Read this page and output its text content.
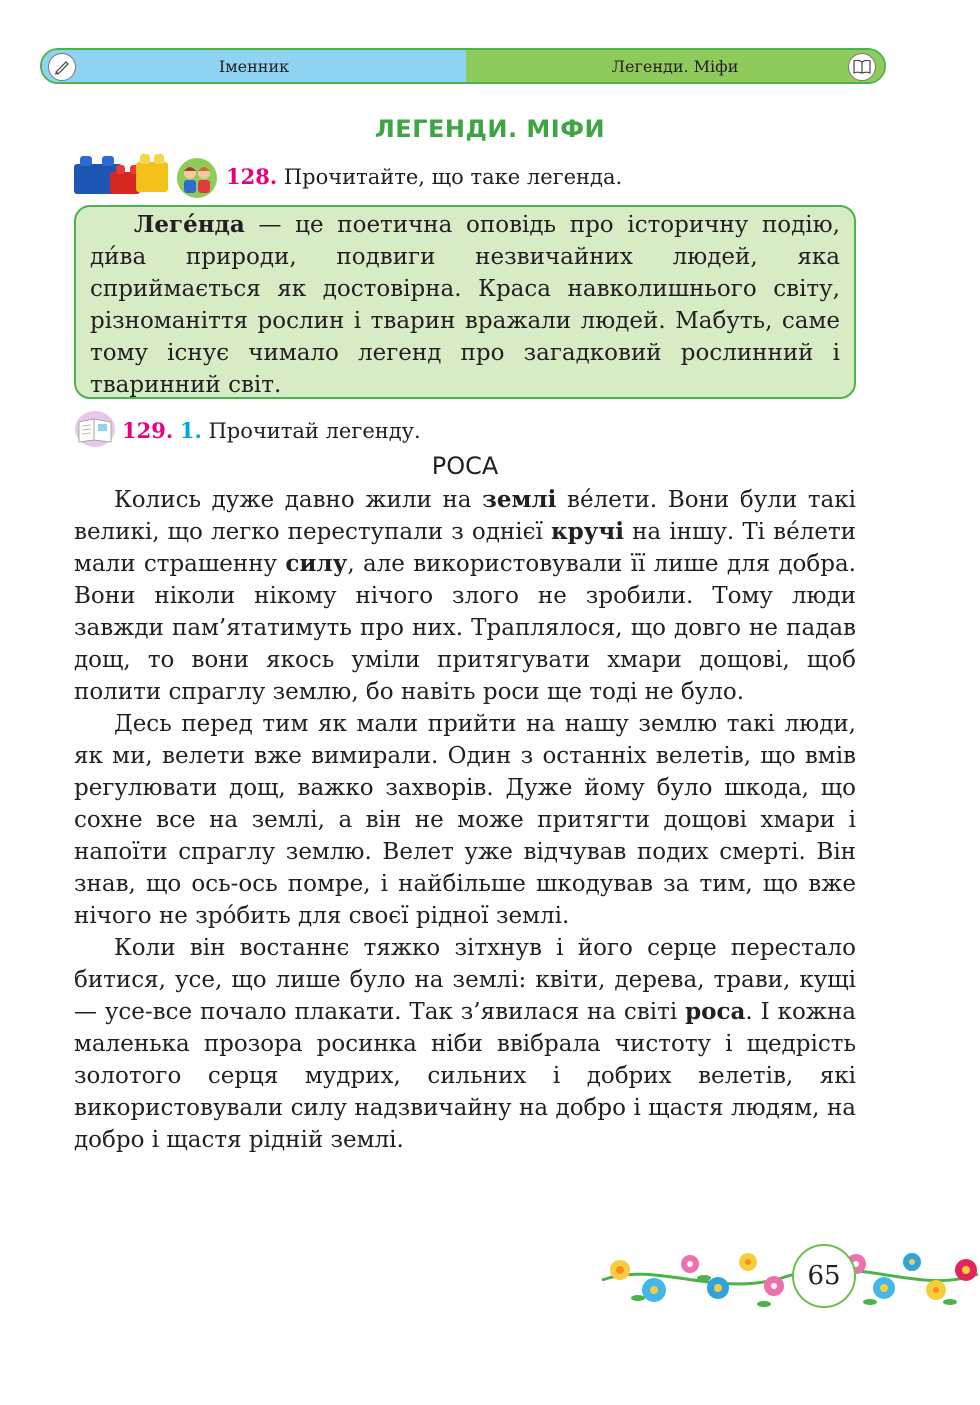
Іменник	Легенди. Міфи
ЛЕГЕНДИ. МІФИ
128. Прочитайте, що таке легенда.

Леге́нда — це поетична оповідь про історичну подію, ди́ва природи, подвиги незвичайних людей, яка сприймається як достовірна. Краса навколишнього світу, різноманіття рослин і тварин вражали людей. Мабуть, саме тому існує чимало легенд про загадковий рослинний і тваринний світ.

129. 1. Прочитай легенду.
РОСА

Колись дуже давно жили на землі ве́лети. Вони були такі великі, що легко переступали з однієї кручі на іншу. Ті ве́лети мали страшенну силу, але використовували її лише для добра. Вони ніколи нікому нічого злого не зробили. Тому люди завжди пам’ятатимуть про них. Траплялося, що довго не падав дощ, то вони якось уміли притягувати хмари дощові, щоб полити спраглу землю, бо навіть роси ще тоді не було.

Десь перед тим як мали прийти на нашу землю такі люди, як ми, велети вже вимирали. Один з останніх велетів, що вмів регулювати дощ, важко захворів. Дуже йому було шкода, що сохне все на землі, а він не може притягти дощові хмари і напоїти спраглу землю. Велет уже відчував подих смерті. Він знав, що ось-ось помре, і найбільше шкодував за тим, що вже нічого не зро́бить для своєї рідної землі.

Коли він востаннє тяжко зітхнув і його серце перестало битися, усе, що лише було на землі: квіти, дерева, трави, кущі — усе-все почало плакати. Так з’явилася на світі роса. І кожна маленька прозора росинка ніби ввібрала чистоту і щедрість золотого серця мудрих, сильних і добрих велетів, які використовували силу надзвичайну на добро і щастя людям, на добро і щастя рідній землі.

65
